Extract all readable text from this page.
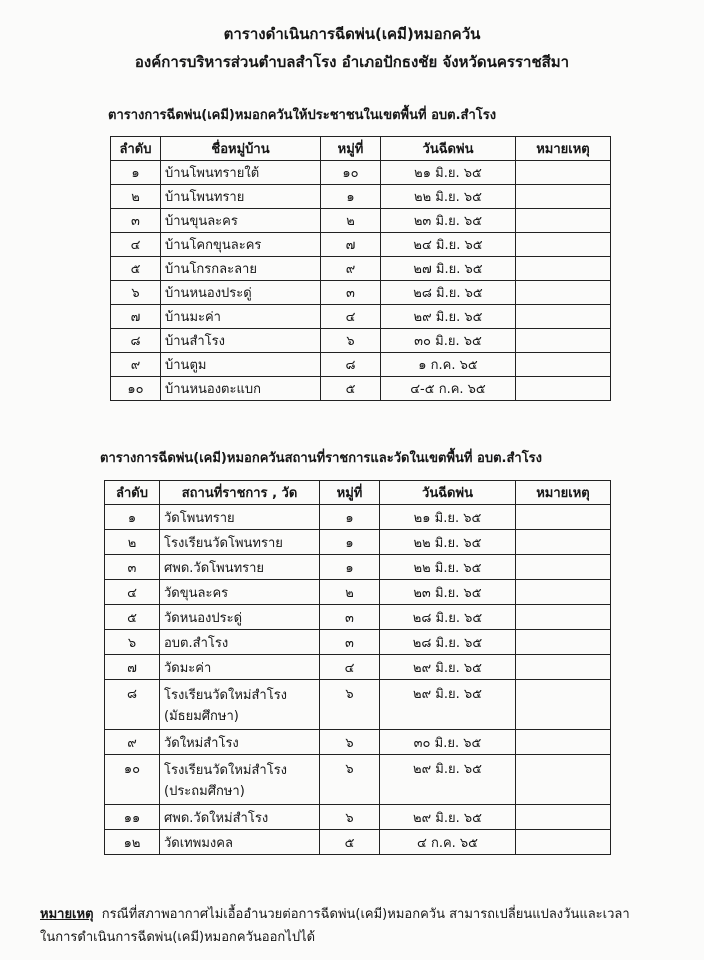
ตารางดำเนินการฉีดพ่น(เคมี)หมอกควัน
องค์การบริหารส่วนตำบลสำโรง อำเภอปักธงชัย จังหวัดนครราชสีมา
ตารางการฉีดพ่น(เคมี)หมอกควันให้ประชาชนในเขตพื้นที่ อบต.สำโรง
ลำดับ	ชื่อหมู่บ้าน	หมู่ที่	วันฉีดพ่น	หมายเหตุ
๑	บ้านโพนทรายใต้	๑๐	๒๑ มิ.ย. ๖๕	
๒	บ้านโพนทราย	๑	๒๒ มิ.ย. ๖๕	
๓	บ้านขุนละคร	๒	๒๓ มิ.ย. ๖๕	
๔	บ้านโคกขุนละคร	๗	๒๔ มิ.ย. ๖๕	
๕	บ้านโกรกละลาย	๙	๒๗ มิ.ย. ๖๕	
๖	บ้านหนองประดู่	๓	๒๘ มิ.ย. ๖๕	
๗	บ้านมะค่า	๔	๒๙ มิ.ย. ๖๕	
๘	บ้านสำโรง	๖	๓๐ มิ.ย. ๖๕	
๙	บ้านตูม	๘	๑ ก.ค. ๖๕	
๑๐	บ้านหนองตะแบก	๕	๔-๕ ก.ค. ๖๕	
ตารางการฉีดพ่น(เคมี)หมอกควันสถานที่ราชการและวัดในเขตพื้นที่ อบต.สำโรง
ลำดับ	สถานที่ราชการ , วัด	หมู่ที่	วันฉีดพ่น	หมายเหตุ
๑	วัดโพนทราย	๑	๒๑ มิ.ย. ๖๕	
๒	โรงเรียนวัดโพนทราย	๑	๒๒ มิ.ย. ๖๕	
๓	ศพด.วัดโพนทราย	๑	๒๒ มิ.ย. ๖๕	
๔	วัดขุนละคร	๒	๒๓ มิ.ย. ๖๕	
๕	วัดหนองประดู่	๓	๒๘ มิ.ย. ๖๕	
๖	อบต.สำโรง	๓	๒๘ มิ.ย. ๖๕	
๗	วัดมะค่า	๔	๒๙ มิ.ย. ๖๕	
๘	โรงเรียนวัดใหม่สำโรง
(มัธยมศึกษา)	๖	๒๙ มิ.ย. ๖๕	
๙	วัดใหม่สำโรง	๖	๓๐ มิ.ย. ๖๕	
๑๐	โรงเรียนวัดใหม่สำโรง
(ประถมศึกษา)	๖	๒๙ มิ.ย. ๖๕	
๑๑	ศพด.วัดใหม่สำโรง	๖	๒๙ มิ.ย. ๖๕	
๑๒	วัดเทพมงคล	๕	๔ ก.ค. ๖๕	
หมายเหตุ กรณีที่สภาพอากาศไม่เอื้ออำนวยต่อการฉีดพ่น(เคมี)หมอกควัน สามารถเปลี่ยนแปลงวันและเวลา
ในการดำเนินการฉีดพ่น(เคมี)หมอกควันออกไปได้
